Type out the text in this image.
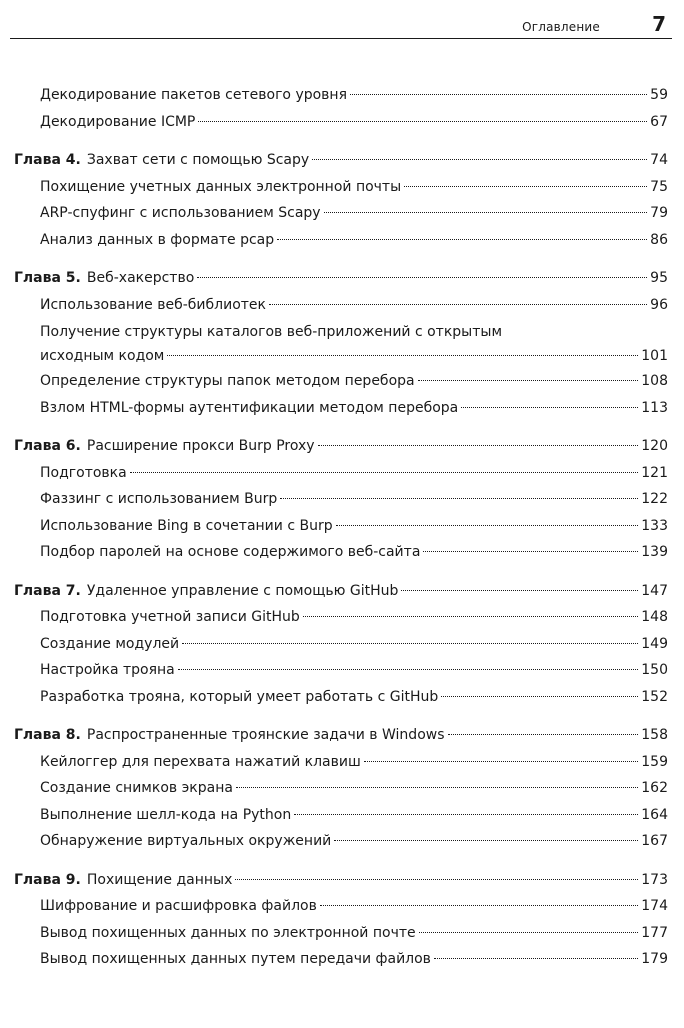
Оглавление	7
Декодирование пакетов сетевого уровня	59
Декодирование ICMP	67
Глава 4. Захват сети с помощью Scapy	74
Похищение учетных данных электронной почты	75
ARP-спуфинг с использованием Scapy	79
Анализ данных в формате pcap	86
Глава 5. Веб-хакерство	95
Использование веб-библиотек	96
Получение структуры каталогов веб-приложений с открытым
исходным кодом	101
Определение структуры папок методом перебора	108
Взлом HTML-формы аутентификации методом перебора	113
Глава 6. Расширение прокси Burp Proxy	120
Подготовка	121
Фаззинг с использованием Burp	122
Использование Bing в сочетании с Burp	133
Подбор паролей на основе содержимого веб-сайта	139
Глава 7. Удаленное управление с помощью GitHub	147
Подготовка учетной записи GitHub	148
Создание модулей	149
Настройка трояна	150
Разработка трояна, который умеет работать с GitHub	152
Глава 8. Распространенные троянские задачи в Windows	158
Кейлоггер для перехвата нажатий клавиш	159
Создание снимков экрана	162
Выполнение шелл-кода на Python	164
Обнаружение виртуальных окружений	167
Глава 9. Похищение данных	173
Шифрование и расшифровка файлов	174
Вывод похищенных данных по электронной почте	177
Вывод похищенных данных путем передачи файлов	179
